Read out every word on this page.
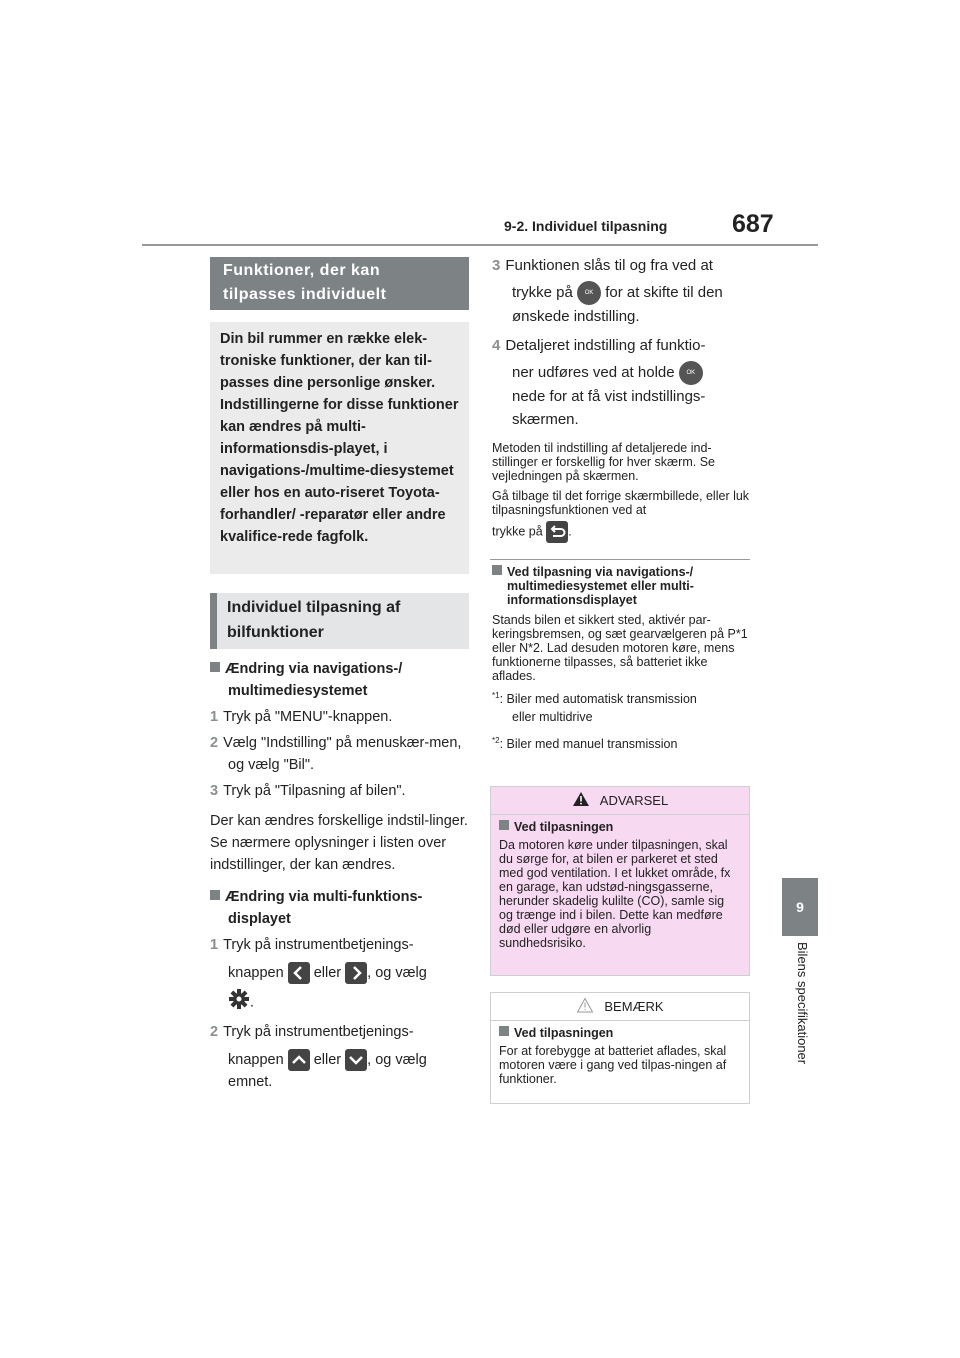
9-2. Individuel tilpasning	687
9
Bilens specifikationer
Funktioner, der kan tilpasses individuelt
Din bil rummer en række elek-troniske funktioner, der kan til-passes dine personlige ønsker. Indstillingerne for disse funktioner kan ændres på multi-informationsdis-playet, i navigations-/multime-diesystemet eller hos en auto-riseret Toyota-forhandler/ -reparatør eller andre kvalifice-rede fagfolk.
Individuel tilpasning af bilfunktioner
Ændring via navigations-/ multimediesystemet
1 Tryk på "MENU"-knappen.
2 Vælg "Indstilling" på menuskær-men, og vælg "Bil".
3 Tryk på "Tilpasning af bilen".
Der kan ændres forskellige indstil-linger. Se nærmere oplysninger i listen over indstillinger, der kan ændres.
Ændring via multi-funktions-displayet
1 Tryk på instrumentbetjenings-
knappen eller , og vælg
.
2 Tryk på instrumentbetjenings-
knappen eller , og vælg
emnet.
3 Funktionen slås til og fra ved at
trykke på OK for at skifte til den
ønskede indstilling.
4 Detaljeret indstilling af funktio-
ner udføres ved at holde OK
nede for at få vist indstillings-
skærmen.
Metoden til indstilling af detaljerede ind-stillinger er forskellig for hver skærm. Se vejledningen på skærmen.
Gå tilbage til det forrige skærmbillede, eller luk tilpasningsfunktionen ved at
trykke på .
Ved tilpasning via navigations-/ multimediesystemet eller multi-informationsdisplayet
Stands bilen et sikkert sted, aktivér par-keringsbremsen, og sæt gearvælgeren på P*1 eller N*2. Lad desuden motoren køre, mens funktionerne tilpasses, så batteriet ikke aflades.
$^{*1}$: Biler med automatisk transmission
eller multidrive
$^{*2}$: Biler med manuel transmission
ADVARSEL
Ved tilpasningen
Da motoren køre under tilpasningen, skal du sørge for, at bilen er parkeret et sted med god ventilation. I et lukket område, fx en garage, kan udstød-ningsgasserne, herunder skadelig kulilte (CO), samle sig og trænge ind i bilen. Dette kan medføre død eller udgøre en alvorlig sundhedsrisiko.
BEMÆRK
Ved tilpasningen
For at forebygge at batteriet aflades, skal motoren være i gang ved tilpas-ningen af funktioner.
